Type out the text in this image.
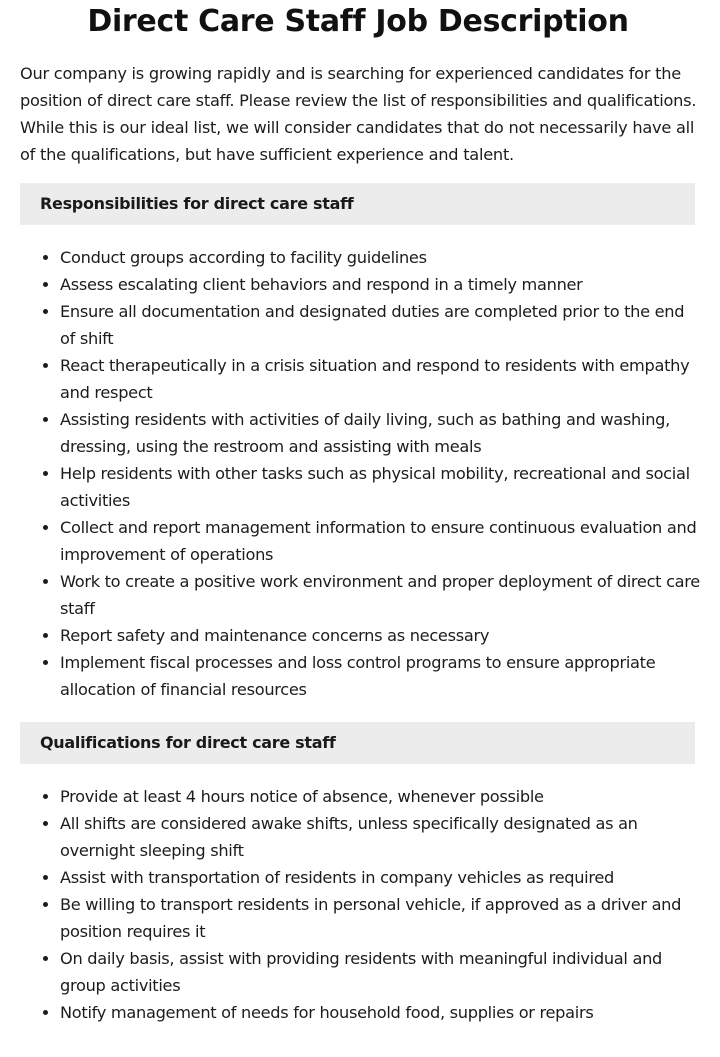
Direct Care Staff Job Description

Our company is growing rapidly and is searching for experienced candidates for the position of direct care staff. Please review the list of responsibilities and qualifications. While this is our ideal list, we will consider candidates that do not necessarily have all of the qualifications, but have sufficient experience and talent.

Responsibilities for direct care staff
• Conduct groups according to facility guidelines
• Assess escalating client behaviors and respond in a timely manner
• Ensure all documentation and designated duties are completed prior to the end of shift
• React therapeutically in a crisis situation and respond to residents with empathy and respect
• Assisting residents with activities of daily living, such as bathing and washing, dressing, using the restroom and assisting with meals
• Help residents with other tasks such as physical mobility, recreational and social activities
• Collect and report management information to ensure continuous evaluation and improvement of operations
• Work to create a positive work environment and proper deployment of direct care staff
• Report safety and maintenance concerns as necessary
• Implement fiscal processes and loss control programs to ensure appropriate allocation of financial resources
Qualifications for direct care staff
• Provide at least 4 hours notice of absence, whenever possible
• All shifts are considered awake shifts, unless specifically designated as an overnight sleeping shift
• Assist with transportation of residents in company vehicles as required
• Be willing to transport residents in personal vehicle, if approved as a driver and position requires it
• On daily basis, assist with providing residents with meaningful individual and group activities
• Notify management of needs for household food, supplies or repairs
